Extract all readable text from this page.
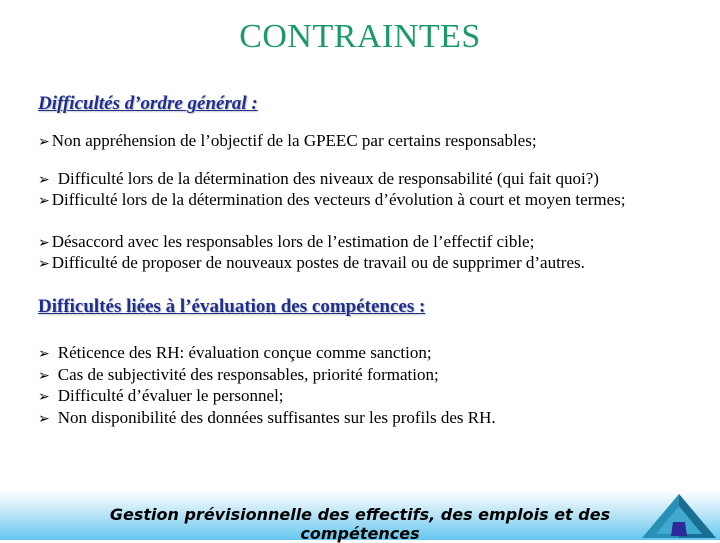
CONTRAINTES
Difficultés d’ordre général :
➢ Non appréhension de l’objectif de la GPEEC par certains responsables;
➢ Difficulté lors de la détermination des niveaux de responsabilité (qui fait quoi?)
➢ Difficulté lors de la détermination des vecteurs d’évolution à court et moyen termes;
➢ Désaccord avec les responsables lors de l’estimation de l’effectif cible;
➢ Difficulté de proposer de nouveaux postes de travail ou de supprimer d’autres.
Difficultés liées à l’évaluation des compétences :
➢ Réticence des RH: évaluation conçue comme sanction;
➢ Cas de subjectivité des responsables, priorité formation;
➢ Difficulté d’évaluer le personnel;
➢ Non disponibilité des données suffisantes sur les profils des RH.
Gestion prévisionnelle des effectifs, des emplois et des compétences
